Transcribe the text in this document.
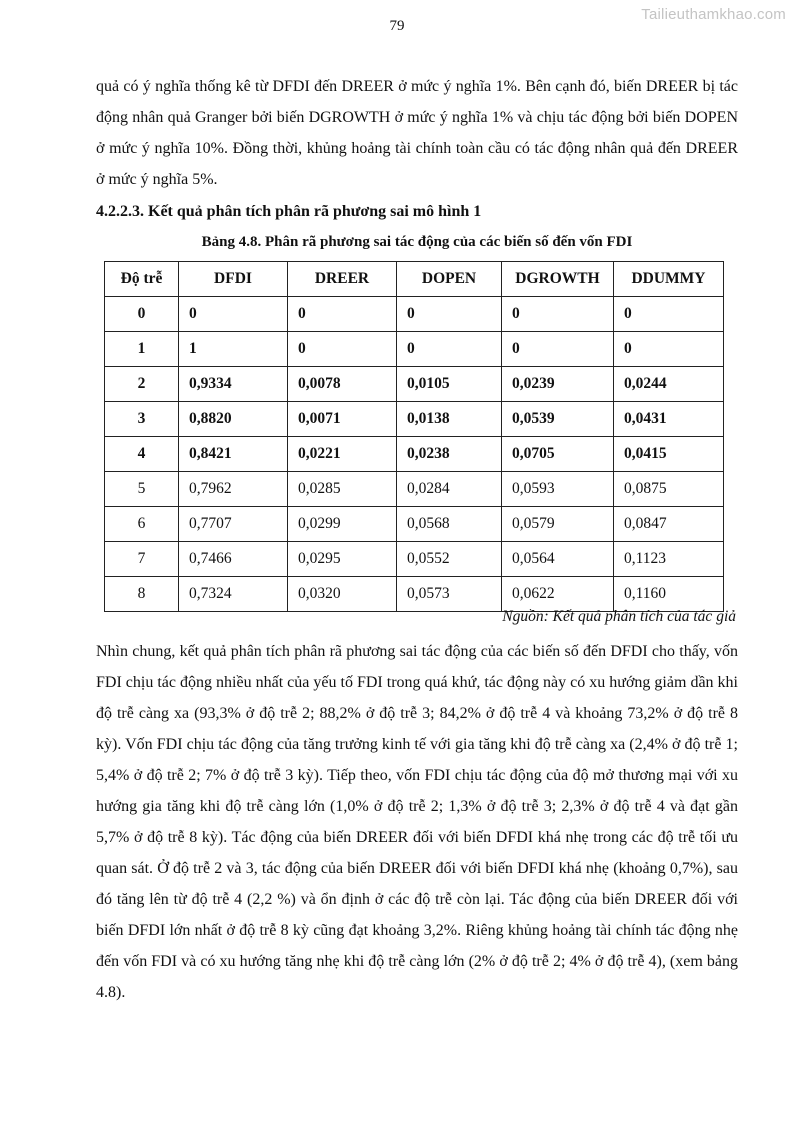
Tailieuthamkhao.com
79

quả có ý nghĩa thống kê từ DFDI đến DREER ở mức ý nghĩa 1%. Bên cạnh đó, biến DREER bị tác động nhân quả Granger bởi biến DGROWTH ở mức ý nghĩa 1% và chịu tác động bởi biến DOPEN ở mức ý nghĩa 10%. Đồng thời, khủng hoảng tài chính toàn cầu có tác động nhân quả đến DREER ở mức ý nghĩa 5%.

4.2.2.3. Kết quả phân tích phân rã phương sai mô hình 1

Bảng 4.8. Phân rã phương sai tác động của các biến số đến vốn FDI

Độ trễ	DFDI	DREER	DOPEN	DGROWTH	DDUMMY
0	0	0	0	0	0
1	1	0	0	0	0
2	0,9334	0,0078	0,0105	0,0239	0,0244
3	0,8820	0,0071	0,0138	0,0539	0,0431
4	0,8421	0,0221	0,0238	0,0705	0,0415
5	0,7962	0,0285	0,0284	0,0593	0,0875
6	0,7707	0,0299	0,0568	0,0579	0,0847
7	0,7466	0,0295	0,0552	0,0564	0,1123
8	0,7324	0,0320	0,0573	0,0622	0,1160

Nguồn: Kết quả phân tích của tác giả

Nhìn chung, kết quả phân tích phân rã phương sai tác động của các biến số đến DFDI cho thấy, vốn FDI chịu tác động nhiều nhất của yếu tố FDI trong quá khứ, tác động này có xu hướng giảm dần khi độ trễ càng xa (93,3% ở độ trễ 2; 88,2% ở độ trễ 3; 84,2% ở độ trễ 4 và khoảng 73,2% ở độ trễ 8 kỳ). Vốn FDI chịu tác động của tăng trưởng kinh tế với gia tăng khi độ trễ càng xa (2,4% ở độ trễ 1; 5,4% ở độ trễ 2; 7% ở độ trễ 3 kỳ). Tiếp theo, vốn FDI chịu tác động của độ mở thương mại với xu hướng gia tăng khi độ trễ càng lớn (1,0% ở độ trễ 2; 1,3% ở độ trễ 3; 2,3% ở độ trễ 4 và đạt gần 5,7% ở độ trễ 8 kỳ). Tác động của biến DREER đối với biến DFDI khá nhẹ trong các độ trễ tối ưu quan sát. Ở độ trễ 2 và 3, tác động của biến DREER đối với biến DFDI khá nhẹ (khoảng 0,7%), sau đó tăng lên từ độ trễ 4 (2,2 %) và ổn định ở các độ trễ còn lại. Tác động của biến DREER đối với biến DFDI lớn nhất ở độ trễ 8 kỳ cũng đạt khoảng 3,2%. Riêng khủng hoảng tài chính tác động nhẹ đến vốn FDI và có xu hướng tăng nhẹ khi độ trễ càng lớn (2% ở độ trễ 2; 4% ở độ trễ 4), (xem bảng 4.8).
